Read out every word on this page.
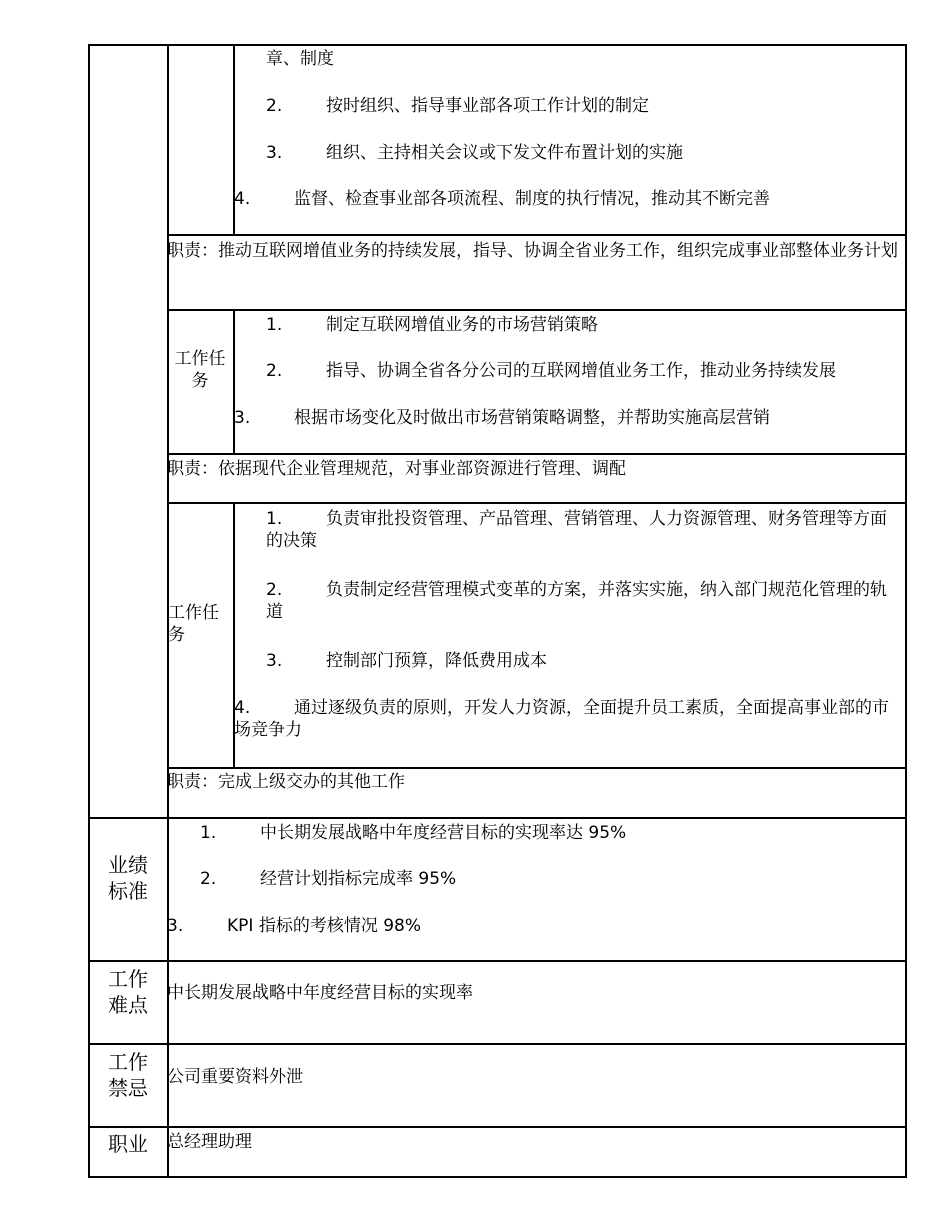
章、制度
2.	按时组织、指导事业部各项工作计划的制定
3.	组织、主持相关会议或下发文件布置计划的实施
4.	监督、检查事业部各项流程、制度的执行情况，推动其不断完善
职责：推动互联网增值业务的持续发展，指导、协调全省业务工作，组织完成事业部整体业务计划
工作任务
1.	制定互联网增值业务的市场营销策略
2.	指导、协调全省各分公司的互联网增值业务工作，推动业务持续发展
3.	根据市场变化及时做出市场营销策略调整，并帮助实施高层营销
职责：依据现代企业管理规范，对事业部资源进行管理、调配
工作任务
1.	负责审批投资管理、产品管理、营销管理、人力资源管理、财务管理等方面的决策
2.	负责制定经营管理模式变革的方案，并落实实施，纳入部门规范化管理的轨道
3.	控制部门预算，降低费用成本
4.	通过逐级负责的原则，开发人力资源，全面提升员工素质，全面提高事业部的市场竞争力
职责：完成上级交办的其他工作
业绩标准
1.	中长期发展战略中年度经营目标的实现率达 95%
2.	经营计划指标完成率 95%
3.	KPI 指标的考核情况 98%
工作难点	中长期发展战略中年度经营目标的实现率
工作禁忌	公司重要资料外泄
职业	总经理助理
